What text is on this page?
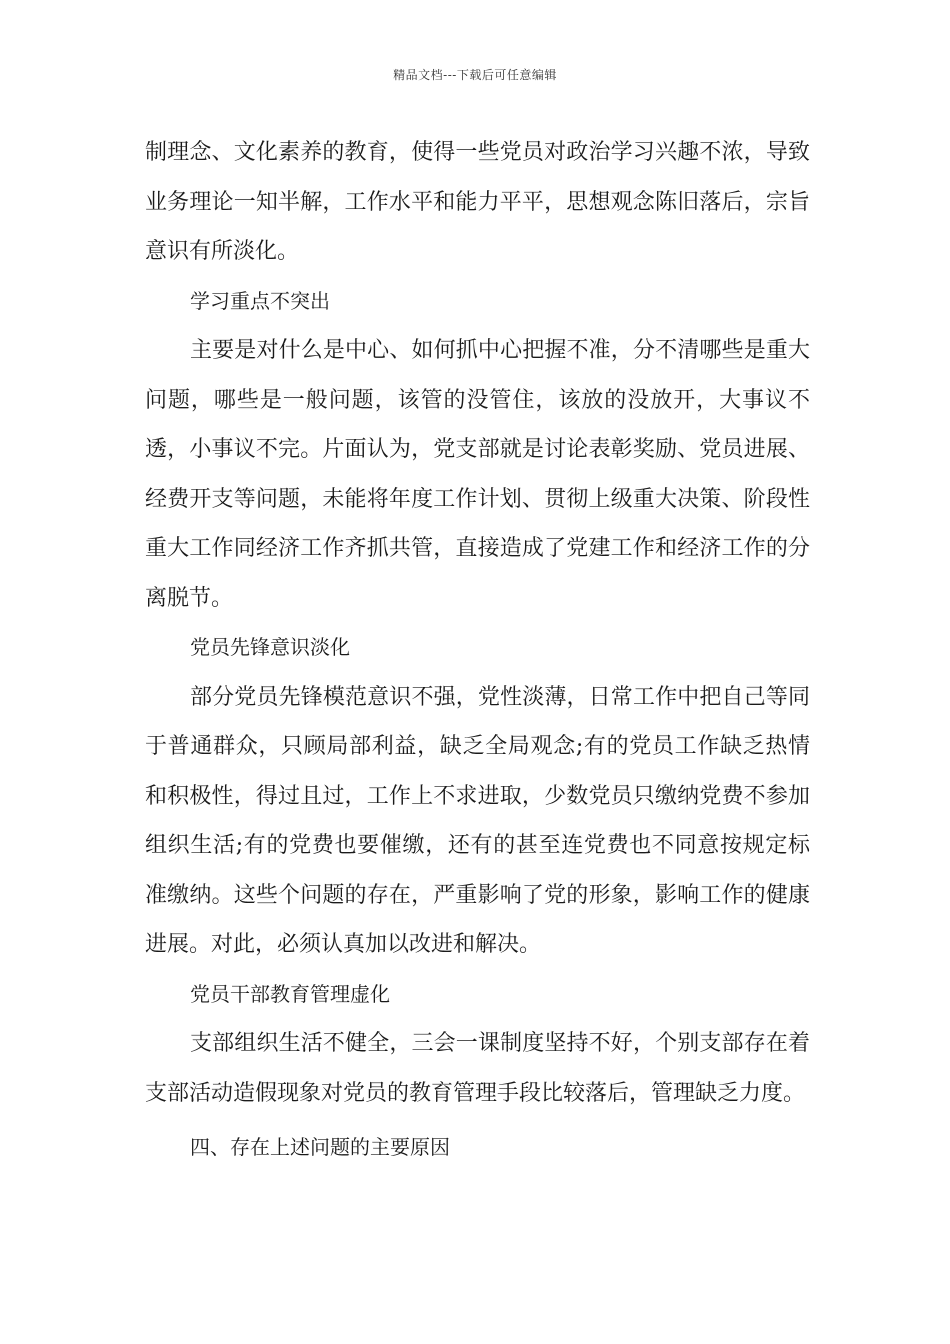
精品文档---下载后可任意编辑

制理念、文化素养的教育，使得一些党员对政治学习兴趣不浓，导致业务理论一知半解，工作水平和能力平平，思想观念陈旧落后，宗旨意识有所淡化。

学习重点不突出

主要是对什么是中心、如何抓中心把握不准，分不清哪些是重大问题，哪些是一般问题，该管的没管住，该放的没放开，大事议不透，小事议不完。片面认为，党支部就是讨论表彰奖励、党员进展、经费开支等问题，未能将年度工作计划、贯彻上级重大决策、阶段性重大工作同经济工作齐抓共管，直接造成了党建工作和经济工作的分离脱节。

党员先锋意识淡化

部分党员先锋模范意识不强，党性淡薄，日常工作中把自己等同于普通群众，只顾局部利益，缺乏全局观念;有的党员工作缺乏热情和积极性，得过且过，工作上不求进取，少数党员只缴纳党费不参加组织生活;有的党费也要催缴，还有的甚至连党费也不同意按规定标准缴纳。这些个问题的存在，严重影响了党的形象，影响工作的健康进展。对此，必须认真加以改进和解决。

党员干部教育管理虚化

支部组织生活不健全，三会一课制度坚持不好，个别支部存在着支部活动造假现象对党员的教育管理手段比较落后，管理缺乏力度。

四、存在上述问题的主要原因
